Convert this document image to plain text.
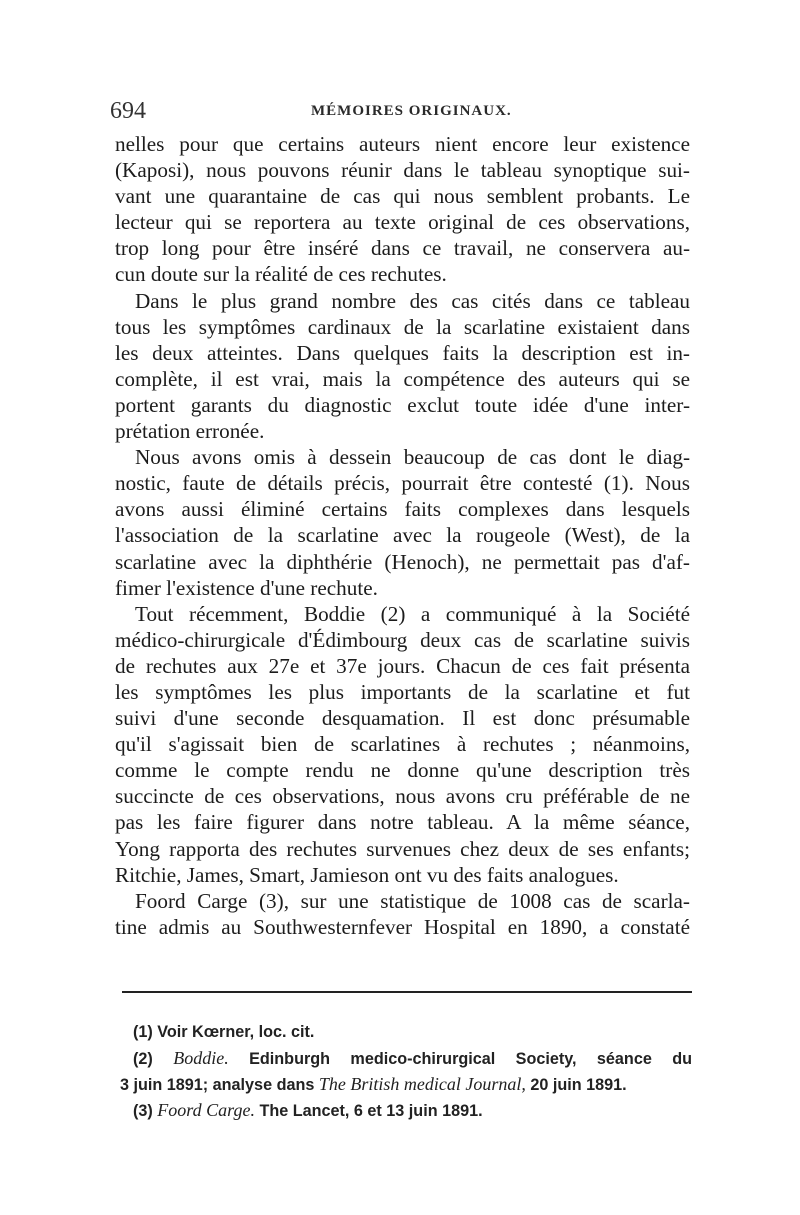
694	MÉMOIRES ORIGINAUX.
nelles pour que certains auteurs nient encore leur existence
(Kaposi), nous pouvons réunir dans le tableau synoptique sui-
vant une quarantaine de cas qui nous semblent probants. Le
lecteur qui se reportera au texte original de ces observations,
trop long pour être inséré dans ce travail, ne conservera au-
cun doute sur la réalité de ces rechutes.
Dans le plus grand nombre des cas cités dans ce tableau
tous les symptômes cardinaux de la scarlatine existaient dans
les deux atteintes. Dans quelques faits la description est in-
complète, il est vrai, mais la compétence des auteurs qui se
portent garants du diagnostic exclut toute idée d'une inter-
prétation erronée.
Nous avons omis à dessein beaucoup de cas dont le diag-
nostic, faute de détails précis, pourrait être contesté (1). Nous
avons aussi éliminé certains faits complexes dans lesquels
l'association de la scarlatine avec la rougeole (West), de la
scarlatine avec la diphthérie (Henoch), ne permettait pas d'af-
fimer l'existence d'une rechute.
Tout récemment, Boddie (2) a communiqué à la Société
médico-chirurgicale d'Édimbourg deux cas de scarlatine suivis
de rechutes aux 27e et 37e jours. Chacun de ces fait présenta
les symptômes les plus importants de la scarlatine et fut
suivi d'une seconde desquamation. Il est donc présumable
qu'il s'agissait bien de scarlatines à rechutes ; néanmoins,
comme le compte rendu ne donne qu'une description très
succincte de ces observations, nous avons cru préférable de ne
pas les faire figurer dans notre tableau. A la même séance,
Yong rapporta des rechutes survenues chez deux de ses enfants;
Ritchie, James, Smart, Jamieson ont vu des faits analogues.
Foord Carge (3), sur une statistique de 1008 cas de scarla-
tine admis au Southwesternfever Hospital en 1890, a constaté
(1) Voir Kœrner, loc. cit.
(2) Boddie. Edinburgh medico-chirurgical Society, séance du
3 juin 1891; analyse dans The British medical Journal, 20 juin 1891.
(3) Foord Carge. The Lancet, 6 et 13 juin 1891.
